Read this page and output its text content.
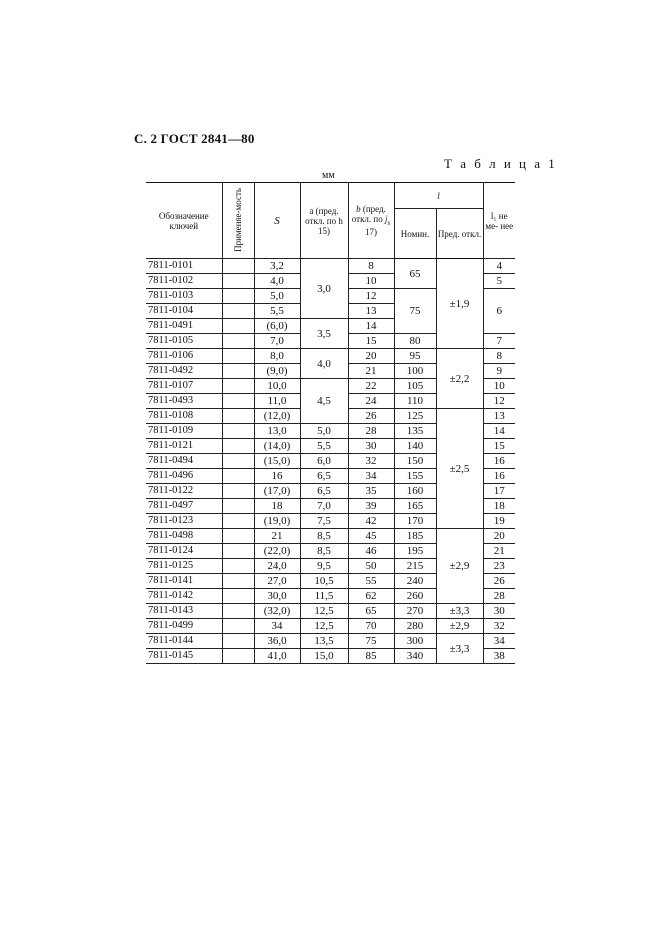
С. 2 ГОСТ 2841—80
Т а б л и ц а 1
мм
Обозначение ключей	Применяе-мость	S	a (пред. откл. по h 15)	b (пред. откл. по $j_s$ 17)	l		l₁ не ме- нее
					Номин.	Пред. откл.	
7811-0101		3,2	3,0	8	65	±1,9	4
7811-0102		4,0		10			5
7811-0103		5,0		12	75		6
7811-0104		5,5		13			
7811-0491		(6,0)	3,5	14			
7811-0105		7,0		15	80		7
7811-0106		8,0	4,0	20	95	±2,2	8
7811-0492		(9,0)		21	100		9
7811-0107		10,0	4,5	22	105		10
7811-0493		11,0		24	110		12
7811-0108		(12,0)		26	125	±2,5	13
7811-0109		13,0	5,0	28	135		14
7811-0121		(14,0)	5,5	30	140		15
7811-0494		(15,0)	6,0	32	150		16
7811-0496		16	6,5	34	155		16
7811-0122		(17,0)	6,5	35	160		17
7811-0497		18	7,0	39	165		18
7811-0123		(19,0)	7,5	42	170		19
7811-0498		21	8,5	45	185	±2,9	20
7811-0124		(22,0)	8,5	46	195		21
7811-0125		24,0	9,5	50	215		23
7811-0141		27,0	10,5	55	240		26
7811-0142		30,0	11,5	62	260		28
7811-0143		(32,0)	12,5	65	270	±3,3	30
7811-0499		34	12,5	70	280	±2,9	32
7811-0144		36,0	13,5	75	300	±3,3	34
7811-0145		41,0	15,0	85	340		38
